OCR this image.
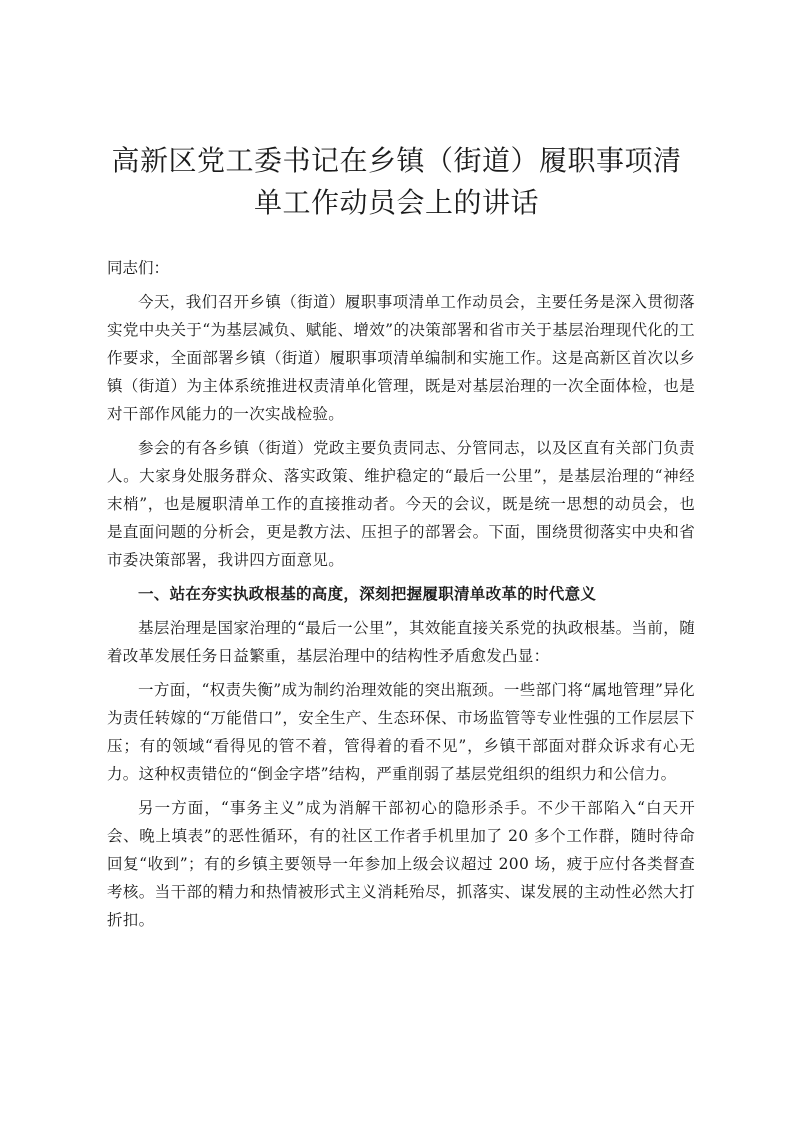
高新区党工委书记在乡镇（街道）履职事项清
单工作动员会上的讲话

同志们：

今天，我们召开乡镇（街道）履职事项清单工作动员会，主要任务是深入贯彻落实党中央关于“为基层减负、赋能、增效”的决策部署和省市关于基层治理现代化的工作要求，全面部署乡镇（街道）履职事项清单编制和实施工作。这是高新区首次以乡镇（街道）为主体系统推进权责清单化管理，既是对基层治理的一次全面体检，也是对干部作风能力的一次实战检验。

参会的有各乡镇（街道）党政主要负责同志、分管同志，以及区直有关部门负责人。大家身处服务群众、落实政策、维护稳定的“最后一公里”，是基层治理的“神经末梢”，也是履职清单工作的直接推动者。今天的会议，既是统一思想的动员会，也是直面问题的分析会，更是教方法、压担子的部署会。下面，围绕贯彻落实中央和省市委决策部署，我讲四方面意见。

一、站在夯实执政根基的高度，深刻把握履职清单改革的时代意义

基层治理是国家治理的“最后一公里”，其效能直接关系党的执政根基。当前，随着改革发展任务日益繁重，基层治理中的结构性矛盾愈发凸显：

一方面，“权责失衡”成为制约治理效能的突出瓶颈。一些部门将“属地管理”异化为责任转嫁的“万能借口”，安全生产、生态环保、市场监管等专业性强的工作层层下压；有的领域“看得见的管不着，管得着的看不见”，乡镇干部面对群众诉求有心无力。这种权责错位的“倒金字塔”结构，严重削弱了基层党组织的组织力和公信力。

另一方面，“事务主义”成为消解干部初心的隐形杀手。不少干部陷入“白天开会、晚上填表”的恶性循环，有的社区工作者手机里加了 20 多个工作群，随时待命回复“收到”；有的乡镇主要领导一年参加上级会议超过 200 场，疲于应付各类督查考核。当干部的精力和热情被形式主义消耗殆尽，抓落实、谋发展的主动性必然大打折扣。
